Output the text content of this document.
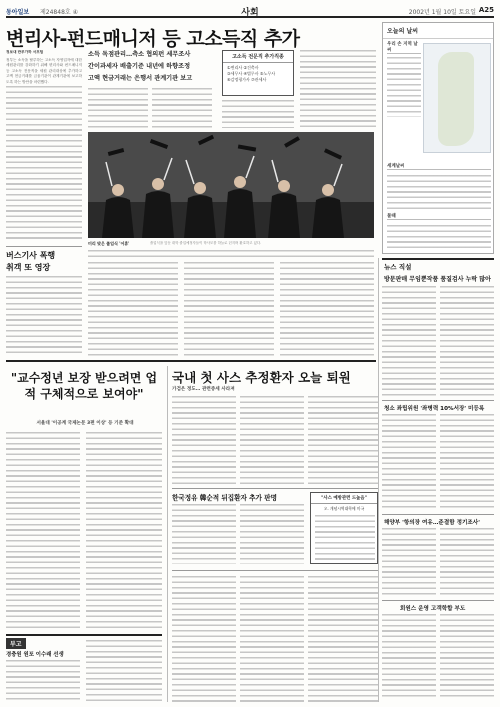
동아일보 제24848호 ④	사회	2002년 1월 10일 토요일 A25
변리사-펀드매니저 등 고소득직 추가
정보대 반부가하 서프팀
정부는 소득을 탈루하는 고소득 자영업자에 대한 세원관리를 강화하기 위해 변리사와 펀드매니저 등 고소득 전문직을 세원 관리대상에 추가하고 고액 현금거래를 금융기관이 관계기관에 보고하도록 하는 방안을 마련했다.
소득 독점관리…측소 협의펀 세무조사
간이과세자 배출기준 내년에 하향조정
고액 현금거래는 은행서 관계기관 보고
고소득 전문직 추가직종
①변리사 ②건축사
③세무사 ④법무사 ⑤노무사
⑥감정평가사 ⑦관세사
미리 맞은 졸업식 '어휴'	졸업식을 앞둔 대학 졸업예정자들이 학사모를 하늘로 던지며 환호하고 있다.
버스기사 폭행
취객 또 영장
오늘의 날씨
우리 손 지역 날씨
세계날씨
물때
뉴스 직설
방문판매 무임뿐작품 품질검사 누락 많아
청소 좌립위원 '좌병력 10%서장' 미등록
해양부 '항의장 여유…준결함 정기조사'
회원스 운영 고객학합 부도
"교수정년 보장 받으려면 업적 구체적으로 보여야"
서울대 '이공계 국제논문 3편 이상' 등 기준 확대
부고
경충원 원포 이수래 선생
국내 첫 사스 추정환자 오늘 퇴원
가검은 정도… 관련증세 사라져
한국정유 韓순적 뒤집환자 추가 판명	"사스 예방관련 드높음"
오. 개념시역대학에 미국
